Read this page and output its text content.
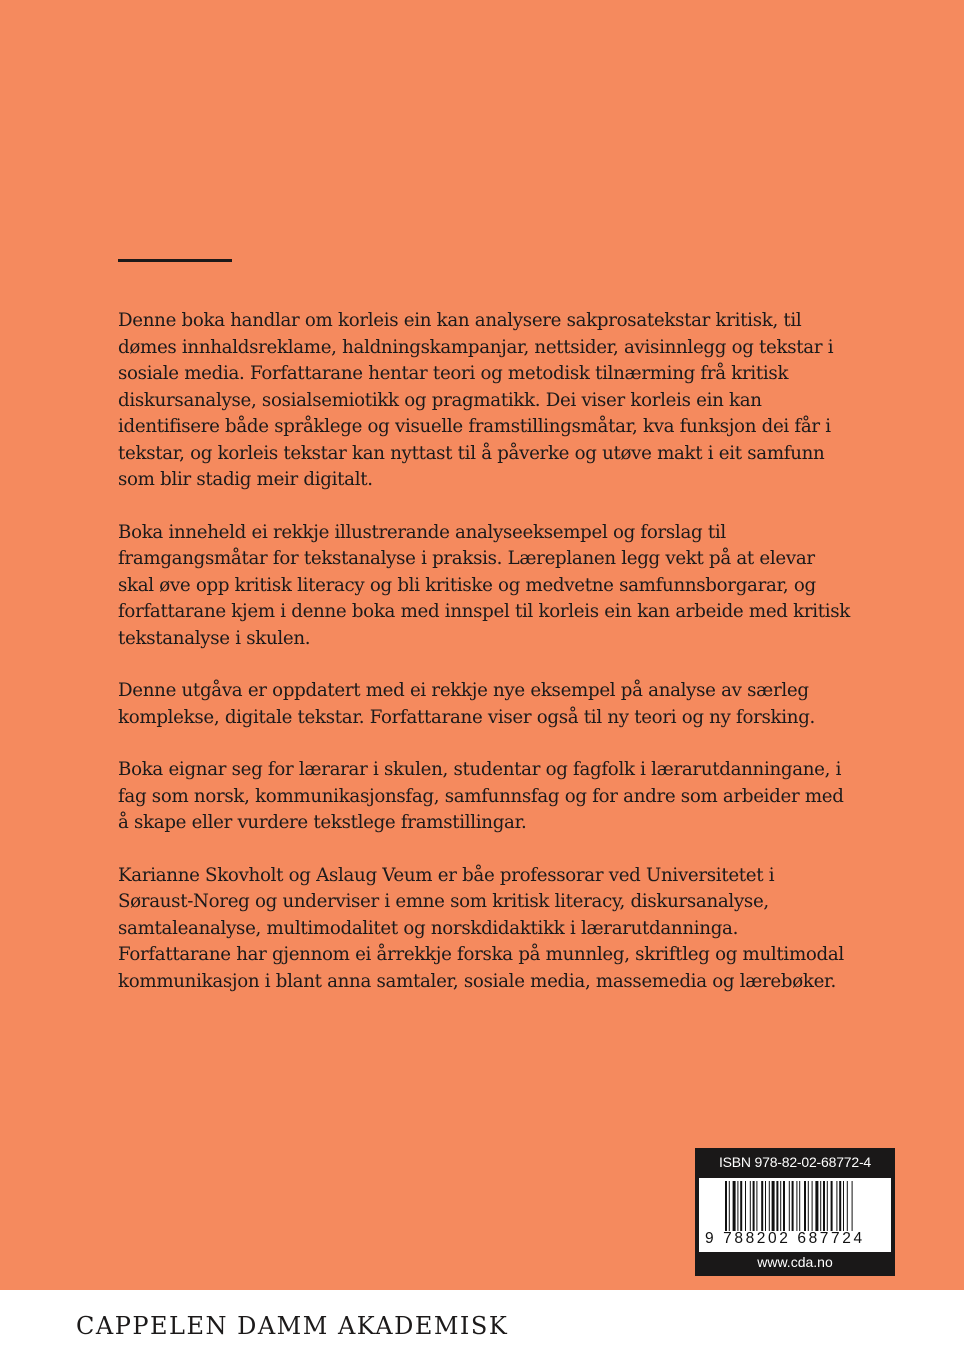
Denne boka handlar om korleis ein kan analysere sakprosatekstar kritisk, til dømes innhaldsreklame, haldningskampanjar, nettsider, avisinnlegg og tekstar i sosiale media. Forfattarane hentar teori og metodisk tilnærming frå kritisk diskursanalyse, sosialsemiotikk og pragmatikk. Dei viser korleis ein kan identifisere både språklege og visuelle framstillingsmåtar, kva funksjon dei får i tekstar, og korleis tekstar kan nyttast til å påverke og utøve makt i eit samfunn som blir stadig meir digitalt.

Boka inneheld ei rekkje illustrerande analyseeksempel og forslag til framgangsmåtar for tekstanalyse i praksis. Læreplanen legg vekt på at elevar skal øve opp kritisk literacy og bli kritiske og medvetne samfunnsborgarar, og forfattarane kjem i denne boka med innspel til korleis ein kan arbeide med kritisk tekstanalyse i skulen.

Denne utgåva er oppdatert med ei rekkje nye eksempel på analyse av særleg komplekse, digitale tekstar. Forfattarane viser også til ny teori og ny forsking.

Boka eignar seg for lærarar i skulen, studentar og fagfolk i lærarutdanningane, i fag som norsk, kommunikasjonsfag, samfunnsfag og for andre som arbeider med å skape eller vurdere tekstlege framstillingar.

Karianne Skovholt og Aslaug Veum er båe professorar ved Universitetet i Søraust-Noreg og underviser i emne som kritisk literacy, diskursanalyse, samtaleanalyse, multimodalitet og norskdidaktikk i lærarutdanninga. Forfattarane har gjennom ei årrekkje forska på munnleg, skriftleg og multimodal kommunikasjon i blant anna samtaler, sosiale media, massemedia og lærebøker.

ISBN 978-82-02-68772-4
9 788202 687724
www.cda.no
CAPPELEN DAMM AKADEMISK
